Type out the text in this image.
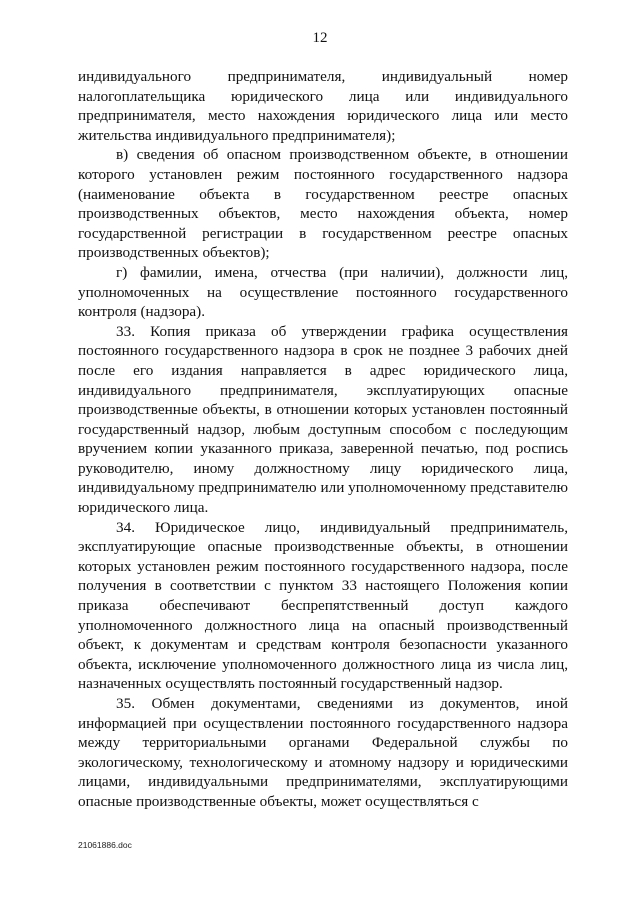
12

индивидуального предпринимателя, индивидуальный номер налогоплательщика юридического лица или индивидуального предпринимателя, место нахождения юридического лица или место жительства индивидуального предпринимателя);

в) сведения об опасном производственном объекте, в отношении которого установлен режим постоянного государственного надзора (наименование объекта в государственном реестре опасных производственных объектов, место нахождения объекта, номер государственной регистрации в государственном реестре опасных производственных объектов);

г) фамилии, имена, отчества (при наличии), должности лиц, уполномоченных на осуществление постоянного государственного контроля (надзора).

33. Копия приказа об утверждении графика осуществления постоянного государственного надзора в срок не позднее 3 рабочих дней после его издания направляется в адрес юридического лица, индивидуального предпринимателя, эксплуатирующих опасные производственные объекты, в отношении которых установлен постоянный государственный надзор, любым доступным способом с последующим вручением копии указанного приказа, заверенной печатью, под роспись руководителю, иному должностному лицу юридического лица, индивидуальному предпринимателю или уполномоченному представителю юридического лица.

34. Юридическое лицо, индивидуальный предприниматель, эксплуатирующие опасные производственные объекты, в отношении которых установлен режим постоянного государственного надзора, после получения в соответствии с пунктом 33 настоящего Положения копии приказа обеспечивают беспрепятственный доступ каждого уполномоченного должностного лица на опасный производственный объект, к документам и средствам контроля безопасности указанного объекта, исключение уполномоченного должностного лица из числа лиц, назначенных осуществлять постоянный государственный надзор.

35. Обмен документами, сведениями из документов, иной информацией при осуществлении постоянного государственного надзора между территориальными органами Федеральной службы по экологическому, технологическому и атомному надзору и юридическими лицами, индивидуальными предпринимателями, эксплуатирующими опасные производственные объекты, может осуществляться с

21061886.doc
